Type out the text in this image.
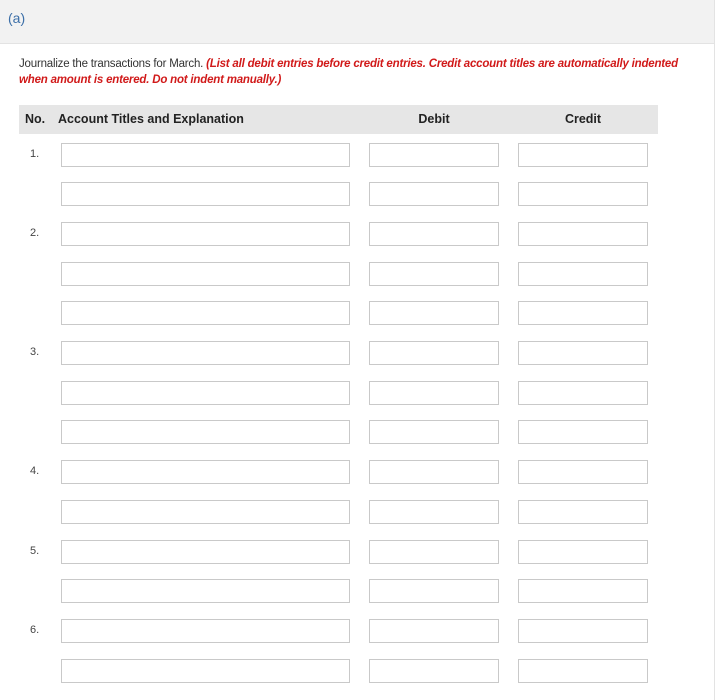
(a)
Journalize the transactions for March. (List all debit entries before credit entries. Credit account titles are automatically indented when amount is entered. Do not indent manually.)
No. Account Titles and Explanation	Debit	Credit
1.
2.
3.
4.
5.
6.
